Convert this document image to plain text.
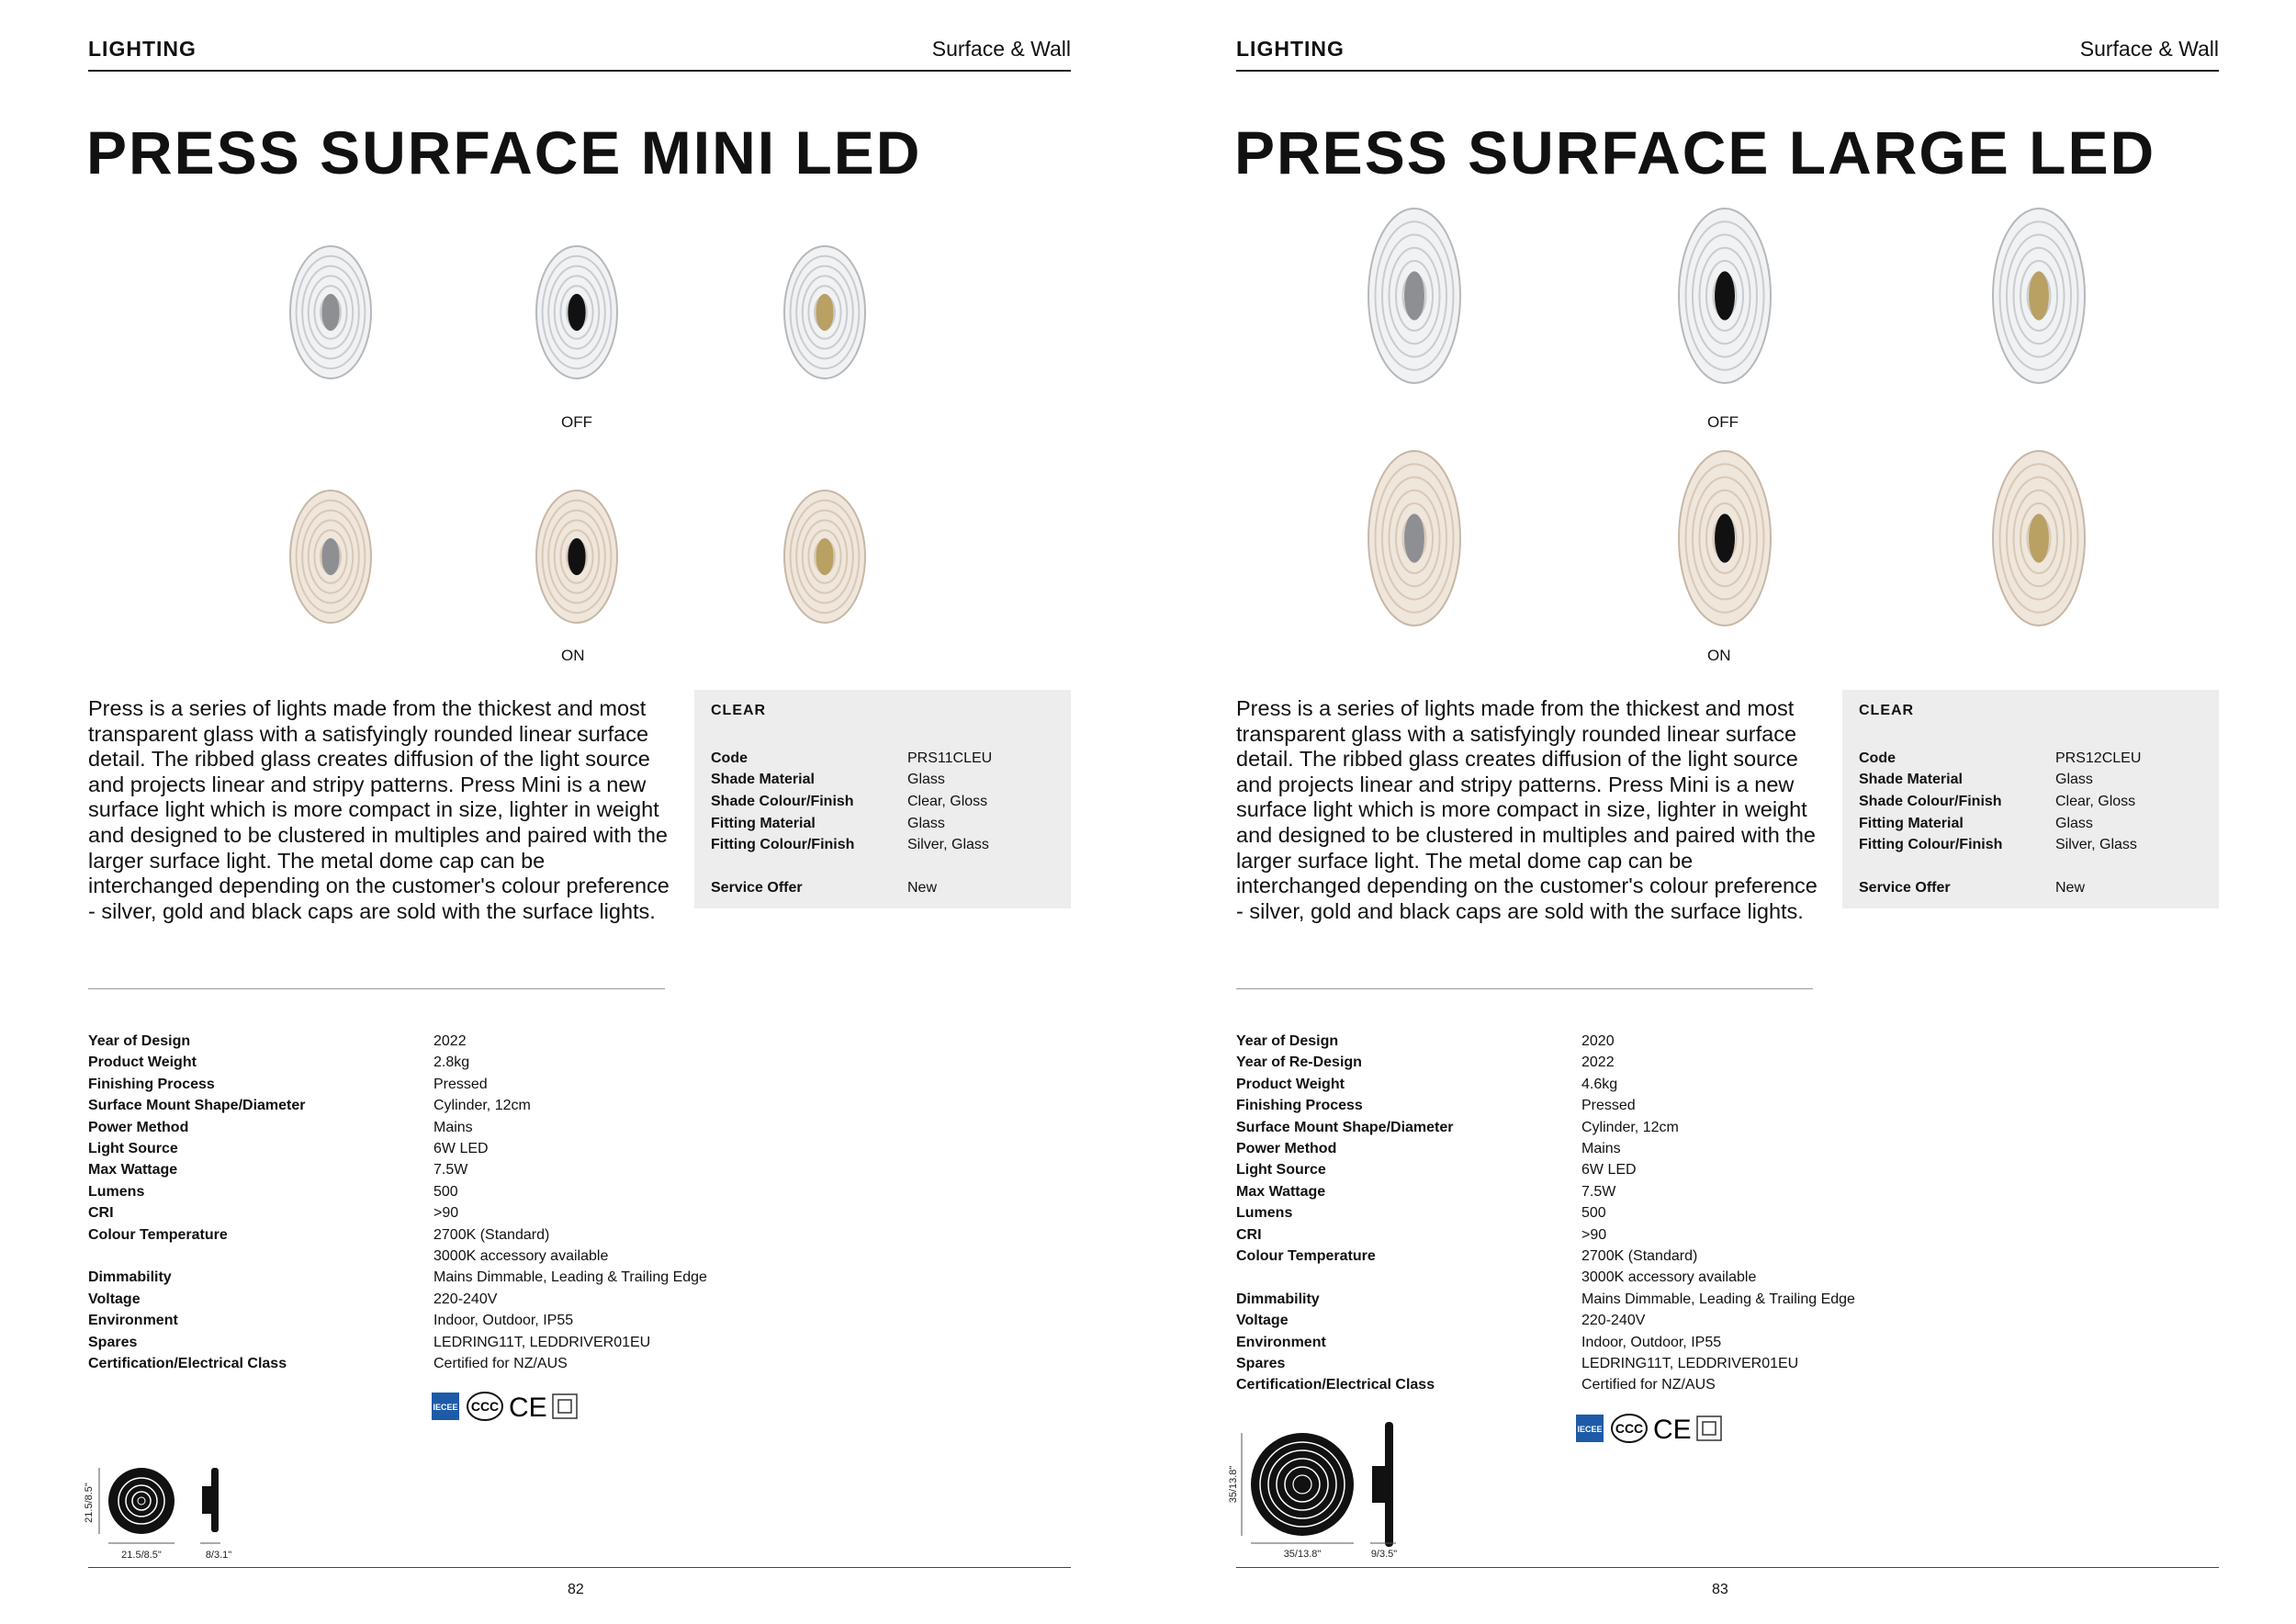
LIGHTING	Surface & Wall
PRESS SURFACE MINI LED
OFF
ON

Press is a series of lights made from the thickest and most transparent glass with a satisfyingly rounded linear surface detail. The ribbed glass creates diffusion of the light source and projects linear and stripy patterns. Press Mini is a new surface light which is more compact in size, lighter in weight and designed to be clustered in multiples and paired with the larger surface light. The metal dome cap can be interchanged depending on the customer's colour preference - silver, gold and black caps are sold with the surface lights.

CLEAR
Code	PRS11CLEU
Shade Material	Glass
Shade Colour/Finish	Clear, Gloss
Fitting Material	Glass
Fitting Colour/Finish	Silver, Glass
Service Offer	New
Year of Design	2022
Product Weight	2.8kg
Finishing Process	Pressed
Surface Mount Shape/Diameter	Cylinder, 12cm
Power Method	Mains
Light Source	6W LED
Max Wattage	7.5W
Lumens	500
CRI	>90
Colour Temperature	2700K (Standard)
3000K accessory available
Dimmability	Mains Dimmable, Leading & Trailing Edge
Voltage	220-240V
Environment	Indoor, Outdoor, IP55
Spares	LEDRING11T, LEDDRIVER01EU
Certification/Electrical Class	Certified for NZ/AUS
IECEE CCC CE
21.5/8.5"
21.5/8.5"	8/3.1"
82
LIGHTING	Surface & Wall
PRESS SURFACE LARGE LED
OFF
ON

Press is a series of lights made from the thickest and most transparent glass with a satisfyingly rounded linear surface detail. The ribbed glass creates diffusion of the light source and projects linear and stripy patterns. Press Mini is a new surface light which is more compact in size, lighter in weight and designed to be clustered in multiples and paired with the larger surface light. The metal dome cap can be interchanged depending on the customer's colour preference - silver, gold and black caps are sold with the surface lights.

CLEAR
Code	PRS12CLEU
Shade Material	Glass
Shade Colour/Finish	Clear, Gloss
Fitting Material	Glass
Fitting Colour/Finish	Silver, Glass
Service Offer	New
Year of Design	2020
Year of Re-Design	2022
Product Weight	4.6kg
Finishing Process	Pressed
Surface Mount Shape/Diameter	Cylinder, 12cm
Power Method	Mains
Light Source	6W LED
Max Wattage	7.5W
Lumens	500
CRI	>90
Colour Temperature	2700K (Standard)
3000K accessory available
Dimmability	Mains Dimmable, Leading & Trailing Edge
Voltage	220-240V
Environment	Indoor, Outdoor, IP55
Spares	LEDRING11T, LEDDRIVER01EU
Certification/Electrical Class	Certified for NZ/AUS
IECEE CCC CE
35/13.8"
35/13.8"	9/3.5"
83
